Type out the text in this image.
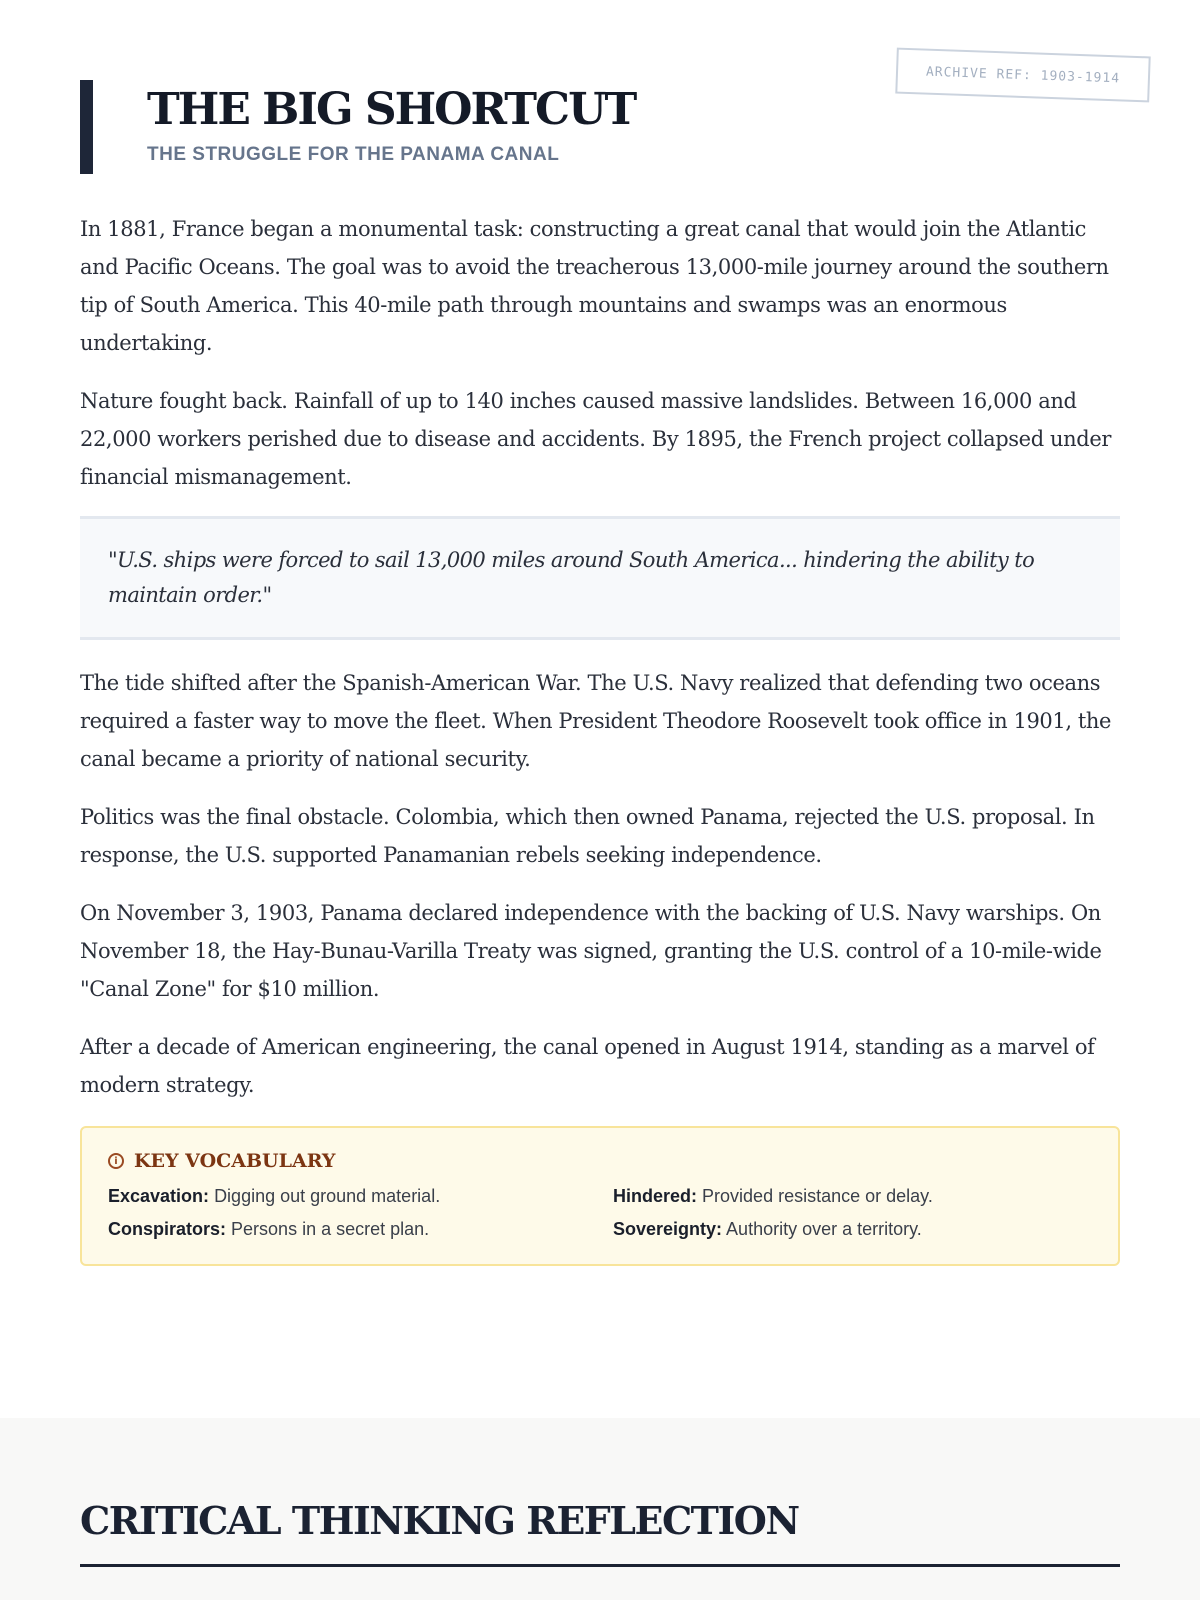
ARCHIVE REF: 1903-1914
THE BIG SHORTCUT
THE STRUGGLE FOR THE PANAMA CANAL

In 1881, France began a monumental task: constructing a great canal that would join the Atlantic and Pacific Oceans. The goal was to avoid the treacherous 13,000-mile journey around the southern tip of South America. This 40-mile path through mountains and swamps was an enormous undertaking.

Nature fought back. Rainfall of up to 140 inches caused massive landslides. Between 16,000 and 22,000 workers perished due to disease and accidents. By 1895, the French project collapsed under financial mismanagement.

"U.S. ships were forced to sail 13,000 miles around South America... hindering the ability to maintain order."

The tide shifted after the Spanish-American War. The U.S. Navy realized that defending two oceans required a faster way to move the fleet. When President Theodore Roosevelt took office in 1901, the canal became a priority of national security.

Politics was the final obstacle. Colombia, which then owned Panama, rejected the U.S. proposal. In response, the U.S. supported Panamanian rebels seeking independence.

On November 3, 1903, Panama declared independence with the backing of U.S. Navy warships. On November 18, the Hay-Bunau-Varilla Treaty was signed, granting the U.S. control of a 10-mile-wide "Canal Zone" for $10 million.

After a decade of American engineering, the canal opened in August 1914, standing as a marvel of modern strategy.

i KEY VOCABULARY
Excavation: Digging out ground material.	Hindered: Provided resistance or delay.
Conspirators: Persons in a secret plan.	Sovereignty: Authority over a territory.
CRITICAL THINKING REFLECTION
